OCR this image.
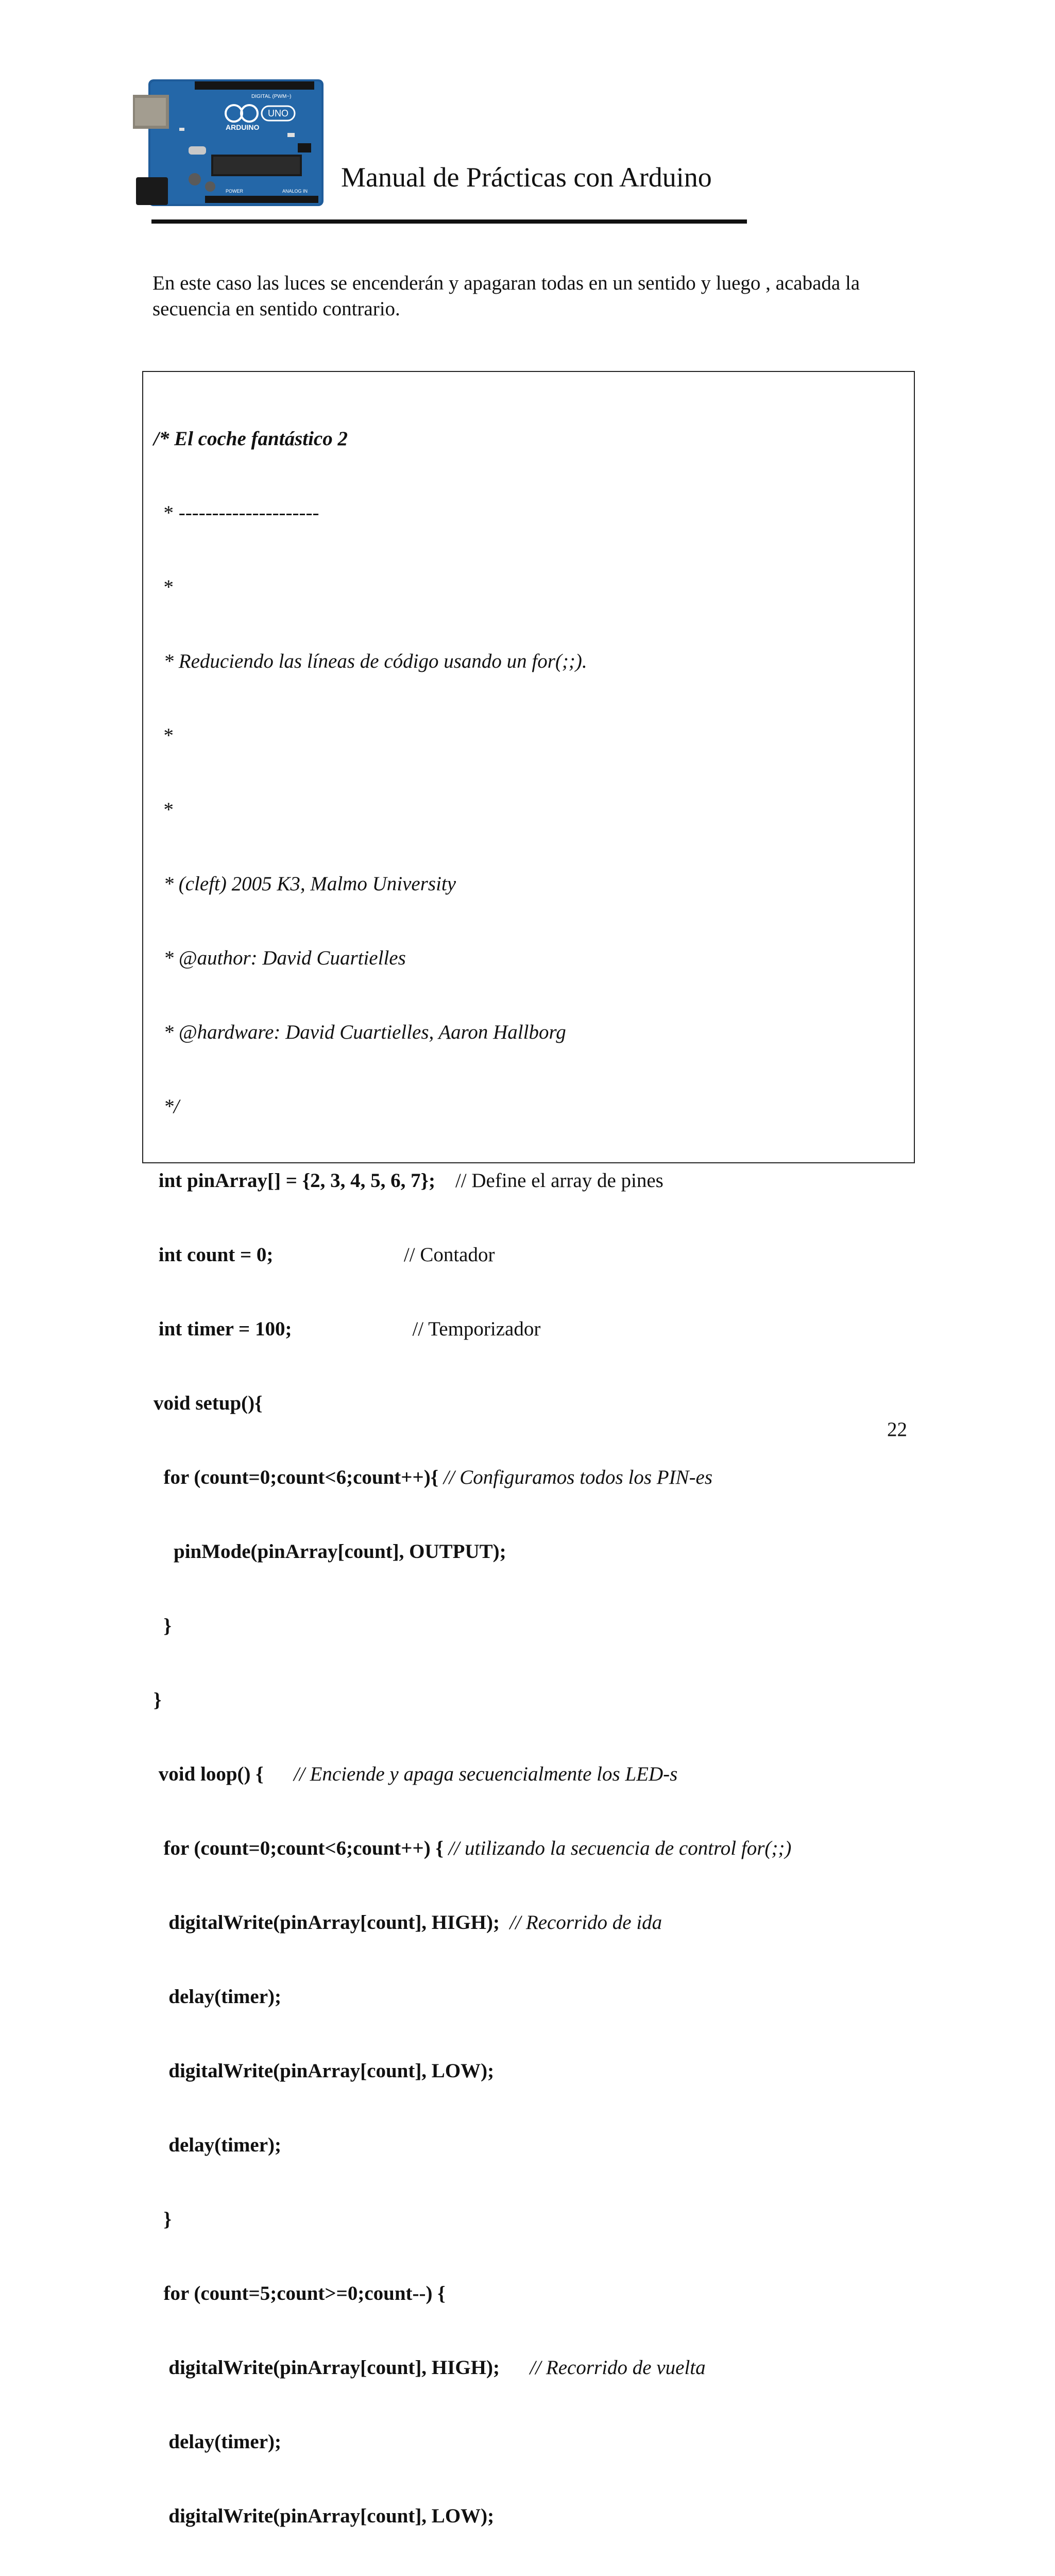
UNO
ARDUINO
DIGITAL (PWM~)
POWER	ANALOG IN Manual de Prácticas con Arduino

En este caso las luces se encenderán y apagaran todas en un sentido y luego , acabada la

secuencia en sentido contrario.

/* El coche fantástico 2

* ---------------------

*

* Reduciendo las líneas de código usando un for(;;).

*

*

* (cleft) 2005 K3, Malmo University

* @author: David Cuartielles

* @hardware: David Cuartielles, Aaron Hallborg

*/

int pinArray[] = {2, 3, 4, 5, 6, 7};    // Define el array de pines

int count = 0;                          // Contador

int timer = 100;                        // Temporizador

void setup(){

for (count=0;count<6;count++){ // Configuramos todos los PIN-es

pinMode(pinArray[count], OUTPUT);

}

}

void loop() {      // Enciende y apaga secuencialmente los LED-s

for (count=0;count<6;count++) { // utilizando la secuencia de control for(;;)

digitalWrite(pinArray[count], HIGH);  // Recorrido de ida

delay(timer);

digitalWrite(pinArray[count], LOW);

delay(timer);

}

for (count=5;count>=0;count--) {

digitalWrite(pinArray[count], HIGH);      // Recorrido de vuelta

delay(timer);

digitalWrite(pinArray[count], LOW);

22
